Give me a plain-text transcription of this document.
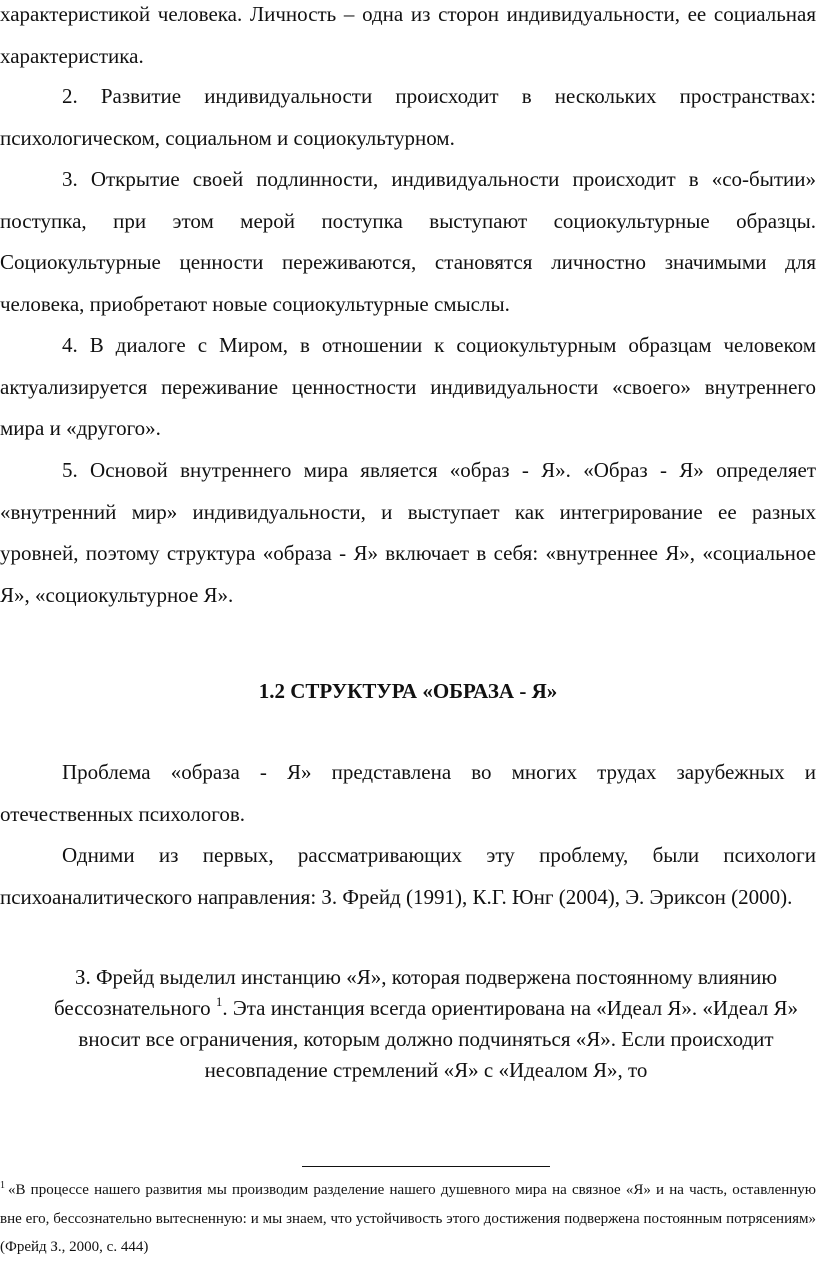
характеристикой человека. Личность – одна из сторон индивидуальности, ее социальная характеристика.

2. Развитие индивидуальности происходит в нескольких пространствах: психологическом, социальном и социокультурном.

3. Открытие своей подлинности, индивидуальности происходит в «со-бытии» поступка, при этом мерой поступка выступают социокультурные образцы. Социокультурные ценности переживаются, становятся личностно значимыми для человека, приобретают новые социокультурные смыслы.

4. В диалоге с Миром, в отношении к социокультурным образцам человеком актуализируется переживание ценностности индивидуальности «своего» внутреннего мира и «другого».

5. Основой внутреннего мира является «образ - Я». «Образ - Я» определяет «внутренний мир» индивидуальности, и выступает как интегрирование ее разных уровней, поэтому структура «образа - Я» включает в себя: «внутреннее Я», «социальное Я», «социокультурное Я».

1.2 СТРУКТУРА «ОБРАЗА - Я»

Проблема «образа - Я» представлена во многих трудах зарубежных и отечественных психологов.

Одними из первых, рассматривающих эту проблему, были психологи психоаналитического направления: З. Фрейд (1991), К.Г. Юнг (2004), Э. Эриксон (2000).

З. Фрейд выделил инстанцию «Я», которая подвержена постоянному влиянию бессознательного $^1$. Эта инстанция всегда ориентирована на «Идеал Я». «Идеал Я» вносит все ограничения, которым должно подчиняться «Я». Если происходит несовпадение стремлений «Я» с «Идеалом Я», то

$^1$ «В процессе нашего развития мы производим разделение нашего душевного мира на связное «Я» и на часть, оставленную вне его, бессознательно вытесненную: и мы знаем, что устойчивость этого достижения подвержена постоянным потрясениям» (Фрейд З., 2000, с. 444)
